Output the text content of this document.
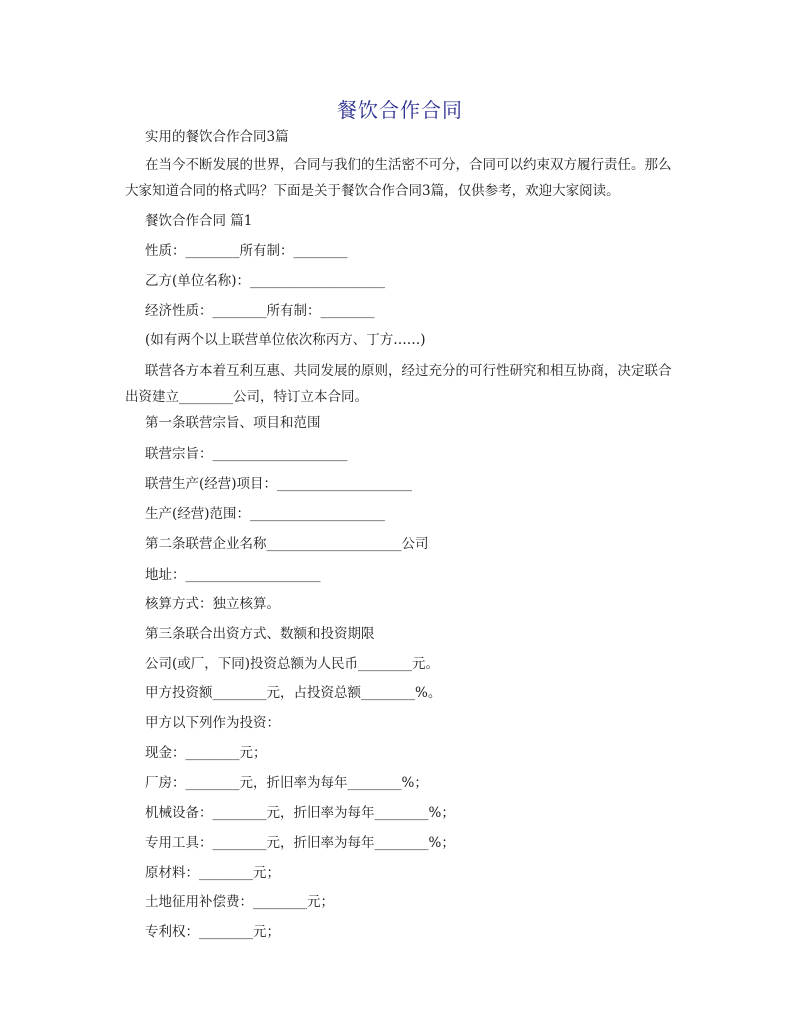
餐饮合作合同
实用的餐饮合作合同3篇
在当今不断发展的世界，合同与我们的生活密不可分，合同可以约束双方履行责任。那么
大家知道合同的格式吗？下面是关于餐饮合作合同3篇，仅供参考，欢迎大家阅读。
餐饮合作合同 篇1
性质：________所有制：________
乙方(单位名称)：____________________
经济性质：________所有制：________
(如有两个以上联营单位依次称丙方、丁方……)
联营各方本着互利互惠、共同发展的原则，经过充分的可行性研究和相互协商，决定联合
出资建立________公司，特订立本合同。
第一条联营宗旨、项目和范围
联营宗旨：____________________
联营生产(经营)项目：____________________
生产(经营)范围：____________________
第二条联营企业名称____________________公司
地址：____________________
核算方式：独立核算。
第三条联合出资方式、数额和投资期限
公司(或厂，下同)投资总额为人民币________元。
甲方投资额________元，占投资总额________%。
甲方以下列作为投资：
现金：________元；
厂房：________元，折旧率为每年________%；
机械设备：________元，折旧率为每年________%；
专用工具：________元，折旧率为每年________%；
原材料：________元；
土地征用补偿费：________元；
专利权：________元；
